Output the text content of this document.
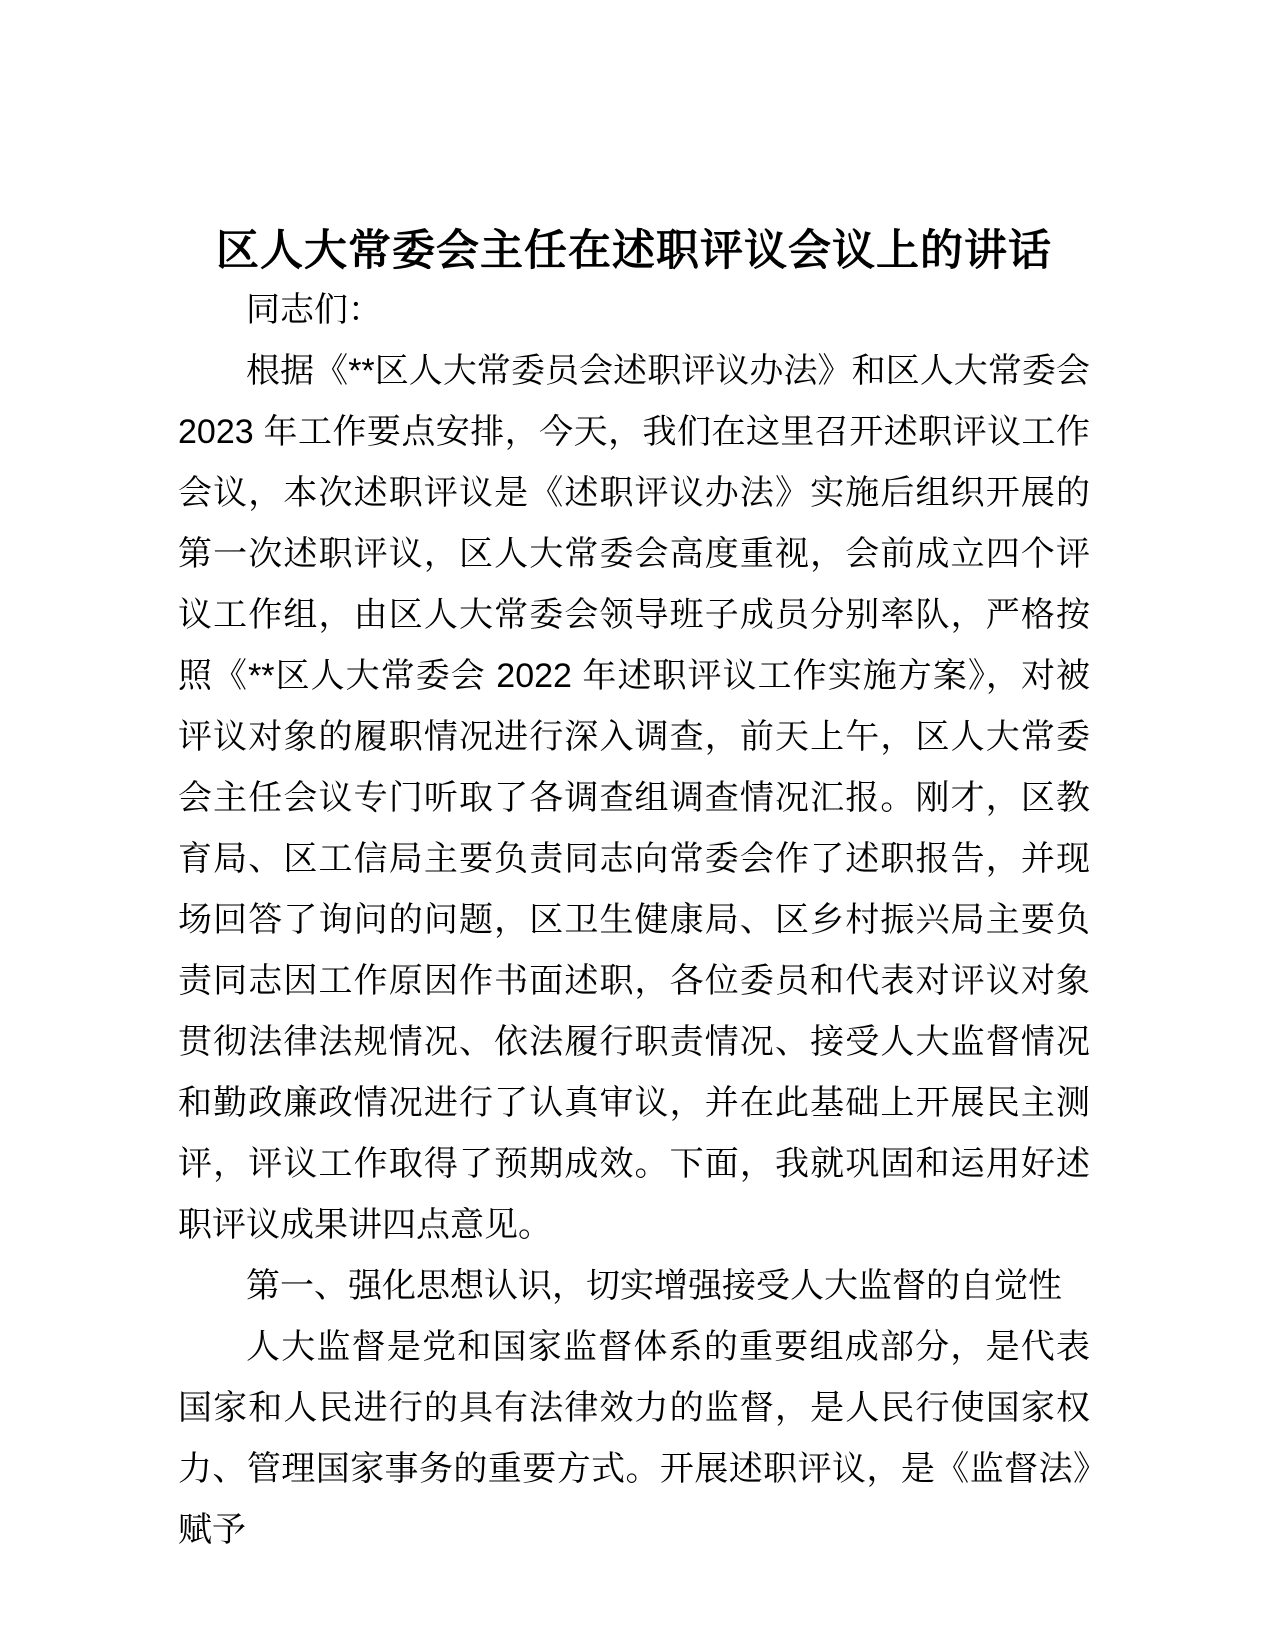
区人大常委会主任在述职评议会议上的讲话

同志们：

根据《**区人大常委员会述职评议办法》和区人大常委会 2023 年工作要点安排，今天，我们在这里召开述职评议工作会议，本次述职评议是《述职评议办法》实施后组织开展的第一次述职评议，区人大常委会高度重视，会前成立四个评议工作组，由区人大常委会领导班子成员分别率队，严格按照《**区人大常委会 2022 年述职评议工作实施方案》，对被评议对象的履职情况进行深入调查，前天上午，区人大常委会主任会议专门听取了各调查组调查情况汇报。刚才，区教育局、区工信局主要负责同志向常委会作了述职报告，并现场回答了询问的问题，区卫生健康局、区乡村振兴局主要负责同志因工作原因作书面述职，各位委员和代表对评议对象贯彻法律法规情况、依法履行职责情况、接受人大监督情况和勤政廉政情况进行了认真审议，并在此基础上开展民主测评，评议工作取得了预期成效。下面，我就巩固和运用好述职评议成果讲四点意见。

第一、强化思想认识，切实增强接受人大监督的自觉性

人大监督是党和国家监督体系的重要组成部分，是代表国家和人民进行的具有法律效力的监督，是人民行使国家权力、管理国家事务的重要方式。开展述职评议，是《监督法》赋予
